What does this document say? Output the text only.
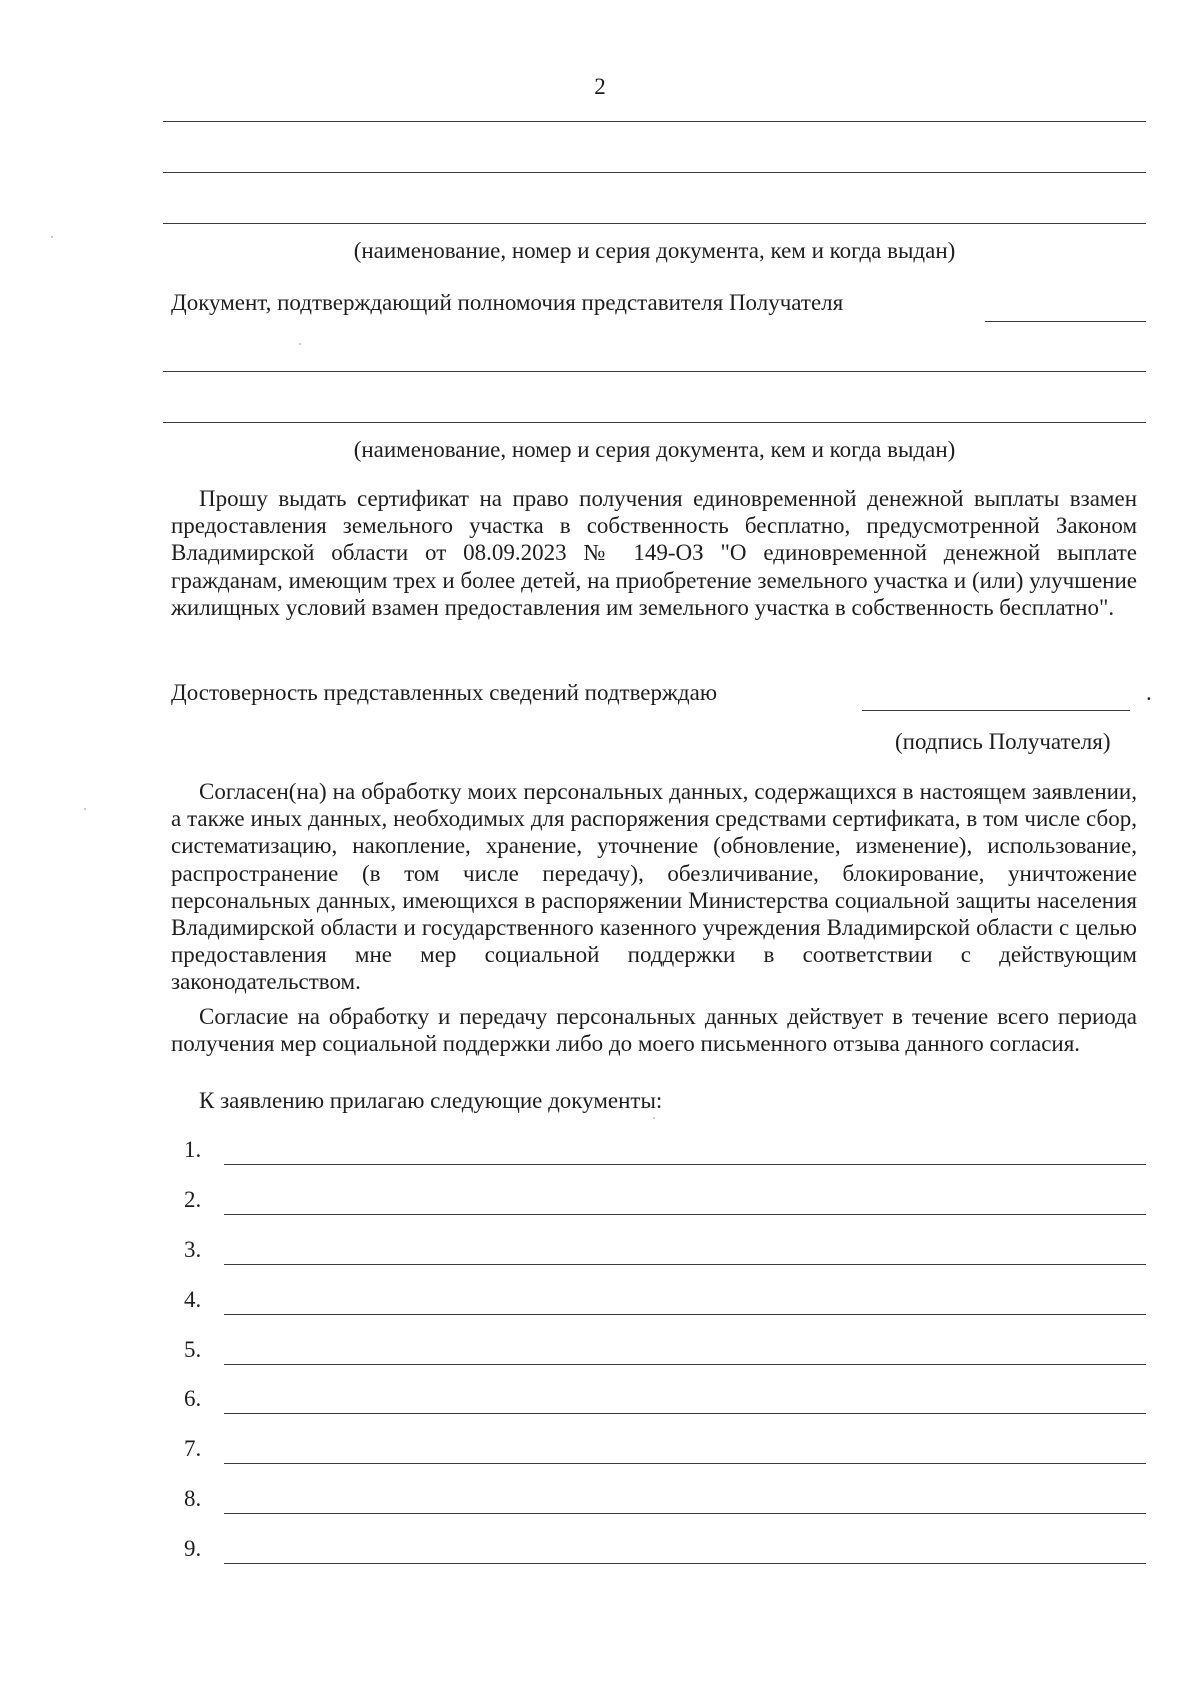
2
(наименование, номер и серия документа, кем и когда выдан)
Документ, подтверждающий полномочия представителя Получателя
(наименование, номер и серия документа, кем и когда выдан)
Прошу выдать сертификат на право получения единовременной денежной выплаты взамен предоставления земельного участка в собственность бесплатно, предусмотренной Законом Владимирской области от 08.09.2023 № 149-ОЗ "О единовременной денежной выплате гражданам, имеющим трех и более детей, на приобретение земельного участка и (или) улучшение жилищных условий взамен предоставления им земельного участка в собственность бесплатно".
Достоверность представленных сведений подтверждаю	.
(подпись Получателя)
Согласен(на) на обработку моих персональных данных, содержащихся в настоящем заявлении, а также иных данных, необходимых для распоряжения средствами сертификата, в том числе сбор, систематизацию, накопление, хранение, уточнение (обновление, изменение), использование, распространение (в том числе передачу), обезличивание, блокирование, уничтожение персональных данных, имеющихся в распоряжении Министерства социальной защиты населения Владимирской области и государственного казенного учреждения Владимирской области с целью предоставления мне мер социальной поддержки в соответствии с действующим законодательством.
Согласие на обработку и передачу персональных данных действует в течение всего периода получения мер социальной поддержки либо до моего письменного отзыва данного согласия.
К заявлению прилагаю следующие документы:
1.
2.
3.
4.
5.
6.
7.
8.
9.
